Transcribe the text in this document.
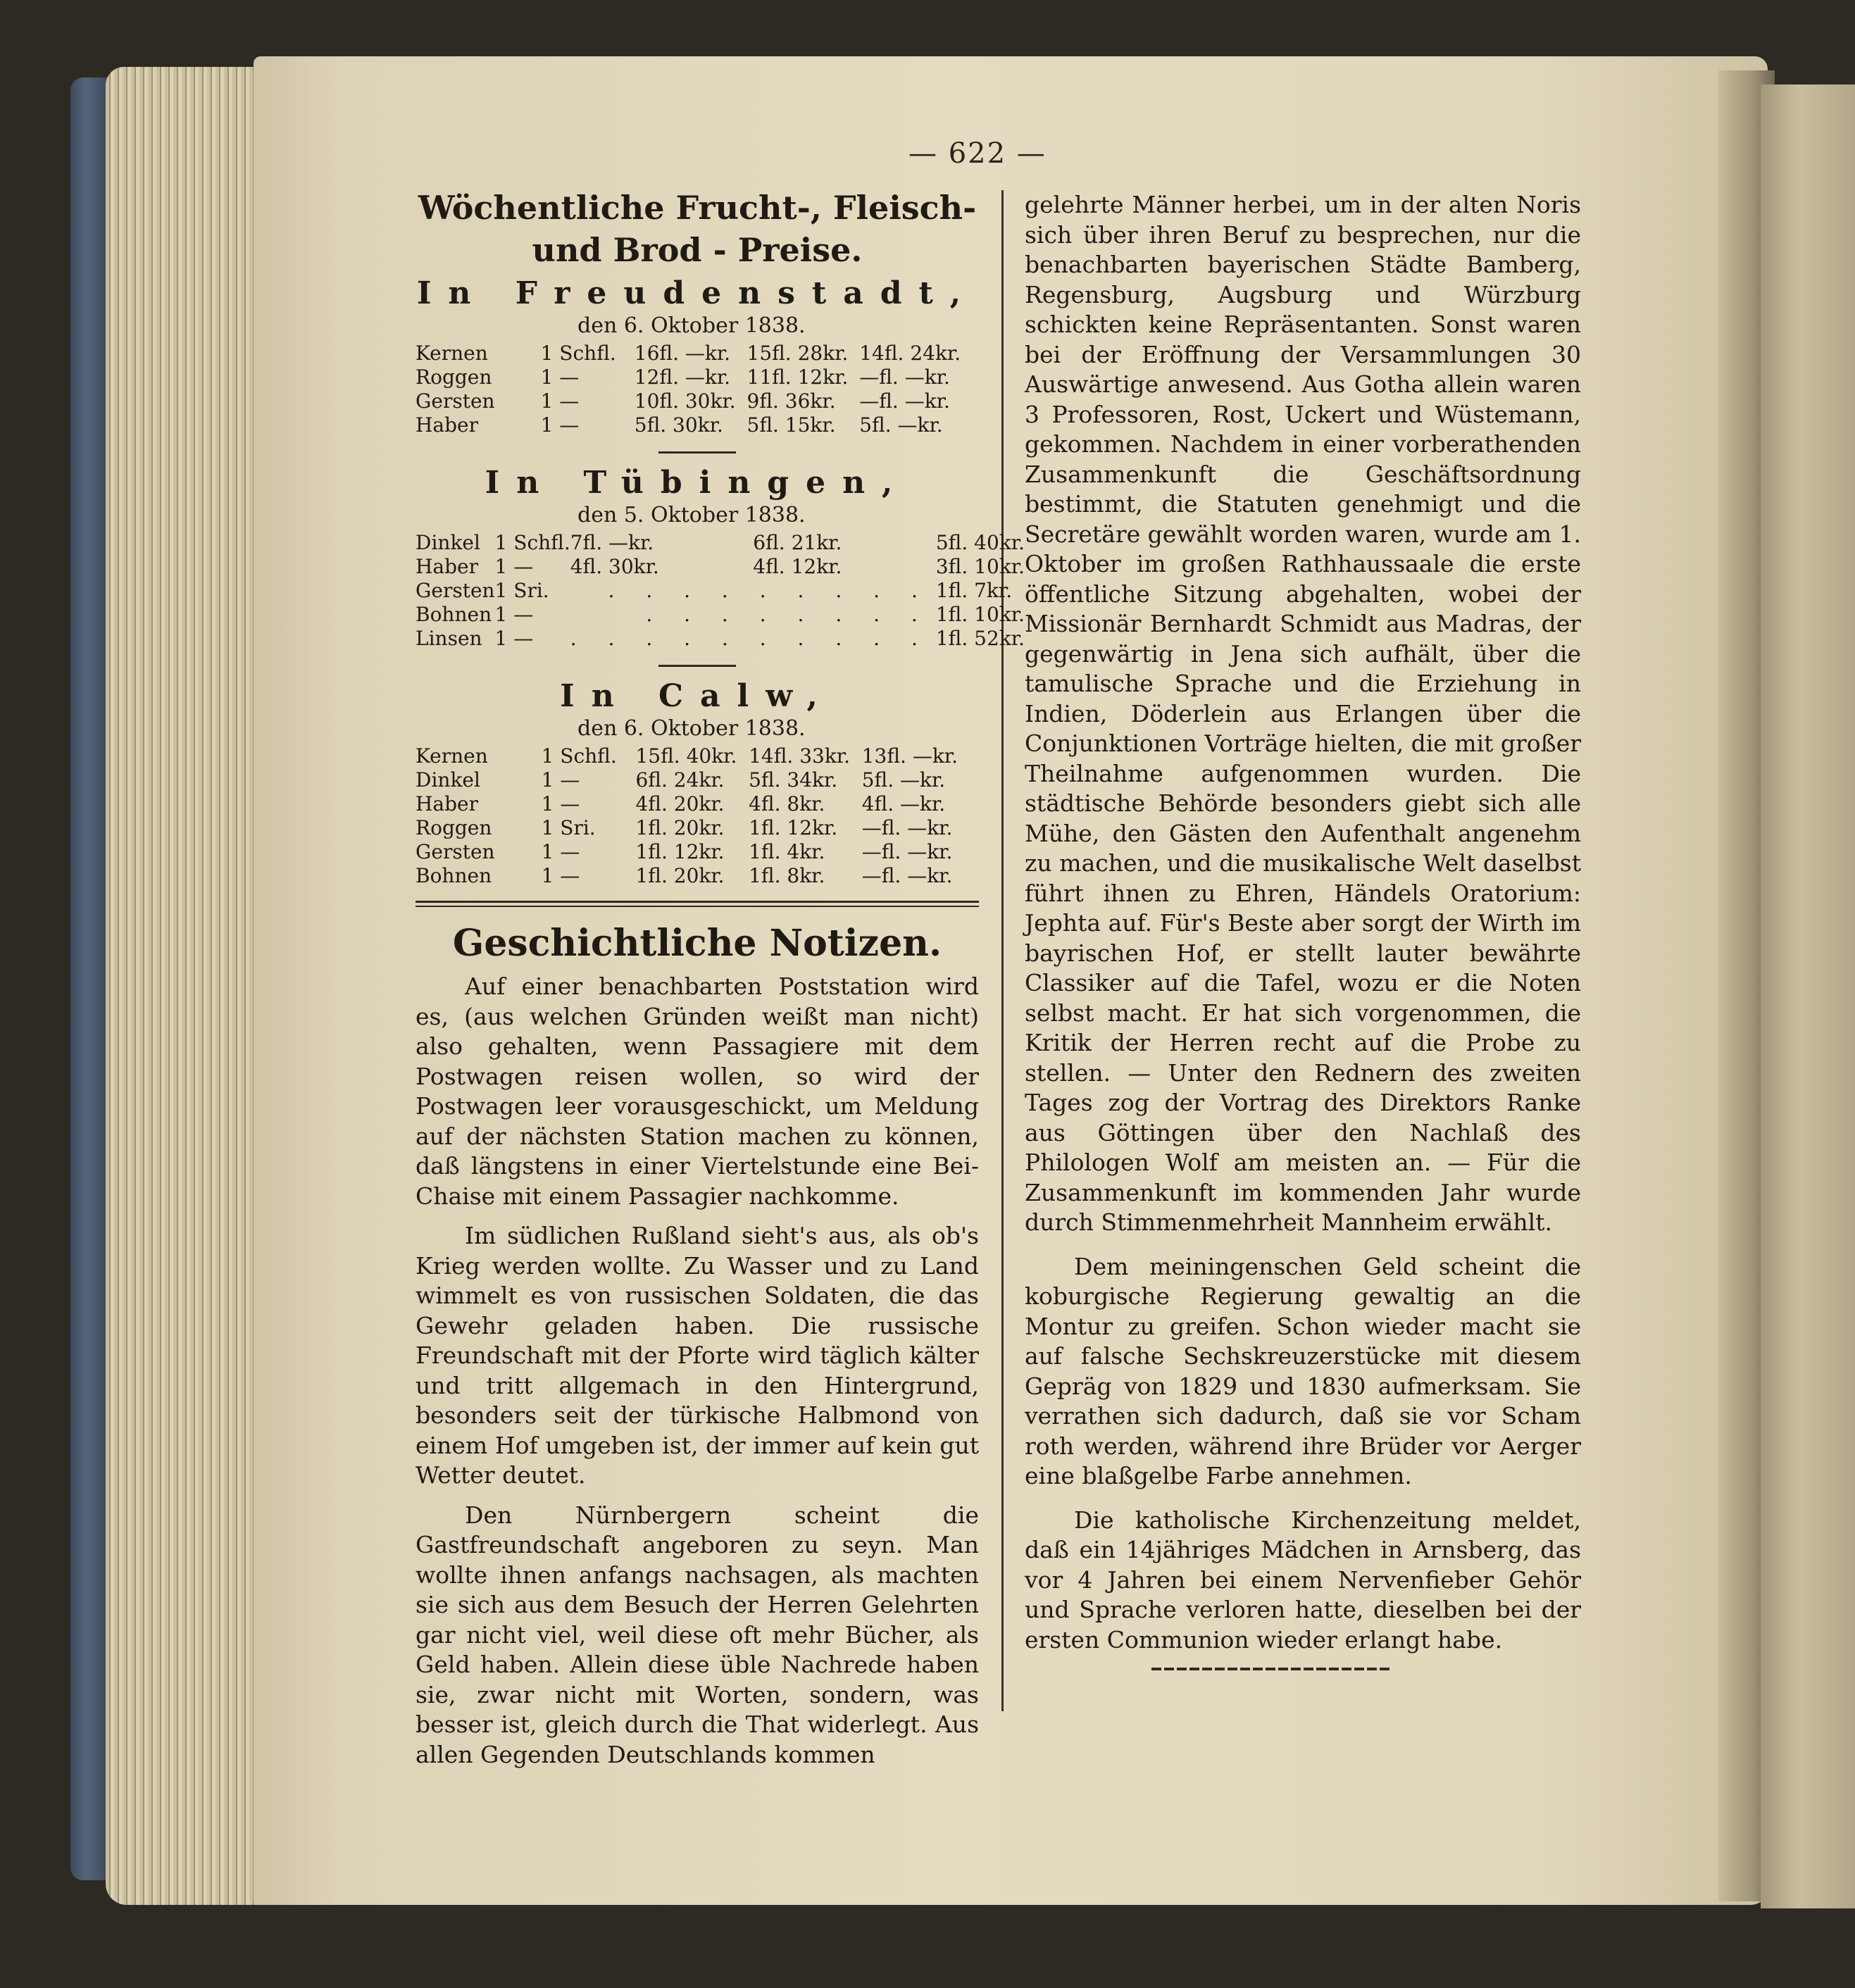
— 622 —
Wöchentliche Frucht-, Fleisch- und Brod - Preise.
In Freudenstadt,
den 6. Oktober 1838.
Kernen	1 Schfl.	16fl. —kr.	15fl. 28kr.	14fl. 24kr.
Roggen	1 —	12fl. —kr.	11fl. 12kr.	—fl. —kr.
Gersten	1 —	10fl. 30kr.	9fl. 36kr.	—fl. —kr.
Haber	1 —	5fl. 30kr.	5fl. 15kr.	5fl. —kr.
In Tübingen,
den 5. Oktober 1838.
Dinkel	1 Schfl.	7fl. —kr.	6fl. 21kr.	5fl. 40kr.
Haber	1 —	4fl. 30kr.	4fl. 12kr.	3fl. 10kr.
Gersten	1 Sri.	. . . . . . . . .		1fl. 7kr.
Bohnen	1 —	. . . . . . . .		1fl. 10kr.
Linsen	1 —	. . . . . . . . . .		1fl. 52kr.
In Calw,
den 6. Oktober 1838.
Kernen	1 Schfl.	15fl. 40kr.	14fl. 33kr.	13fl. —kr.
Dinkel	1 —	6fl. 24kr.	5fl. 34kr.	5fl. —kr.
Haber	1 —	4fl. 20kr.	4fl. 8kr.	4fl. —kr.
Roggen	1 Sri.	1fl. 20kr.	1fl. 12kr.	—fl. —kr.
Gersten	1 —	1fl. 12kr.	1fl. 4kr.	—fl. —kr.
Bohnen	1 —	1fl. 20kr.	1fl. 8kr.	—fl. —kr.
Geschichtliche Notizen.

Auf einer benachbarten Poststation wird es, (aus welchen Gründen weißt man nicht) also gehalten, wenn Passagiere mit dem Postwagen reisen wollen, so wird der Postwagen leer vorausgeschickt, um Meldung auf der nächsten Station machen zu können, daß längstens in einer Viertelstunde eine Bei-Chaise mit einem Passagier nachkomme.

Im südlichen Rußland sieht's aus, als ob's Krieg werden wollte. Zu Wasser und zu Land wimmelt es von russischen Soldaten, die das Gewehr geladen haben. Die russische Freundschaft mit der Pforte wird täglich kälter und tritt allgemach in den Hintergrund, besonders seit der türkische Halbmond von einem Hof umgeben ist, der immer auf kein gut Wetter deutet.

Den Nürnbergern scheint die Gastfreundschaft angeboren zu seyn. Man wollte ihnen anfangs nachsagen, als machten sie sich aus dem Besuch der Herren Gelehrten gar nicht viel, weil diese oft mehr Bücher, als Geld haben. Allein diese üble Nachrede haben sie, zwar nicht mit Worten, sondern, was besser ist, gleich durch die That widerlegt. Aus allen Gegenden Deutschlands kommen

gelehrte Männer herbei, um in der alten Noris sich über ihren Beruf zu besprechen, nur die benachbarten bayerischen Städte Bamberg, Regensburg, Augsburg und Würzburg schickten keine Repräsentanten. Sonst waren bei der Eröffnung der Versammlungen 30 Auswärtige anwesend. Aus Gotha allein waren 3 Professoren, Rost, Uckert und Wüstemann, gekommen. Nachdem in einer vorberathenden Zusammenkunft die Geschäftsordnung bestimmt, die Statuten genehmigt und die Secretäre gewählt worden waren, wurde am 1. Oktober im großen Rathhaussaale die erste öffentliche Sitzung abgehalten, wobei der Missionär Bernhardt Schmidt aus Madras, der gegenwärtig in Jena sich aufhält, über die tamulische Sprache und die Erziehung in Indien, Döderlein aus Erlangen über die Conjunktionen Vorträge hielten, die mit großer Theilnahme aufgenommen wurden. Die städtische Behörde besonders giebt sich alle Mühe, den Gästen den Aufenthalt angenehm zu machen, und die musikalische Welt daselbst führt ihnen zu Ehren, Händels Oratorium: Jephta auf. Für's Beste aber sorgt der Wirth im bayrischen Hof, er stellt lauter bewährte Classiker auf die Tafel, wozu er die Noten selbst macht. Er hat sich vorgenommen, die Kritik der Herren recht auf die Probe zu stellen. — Unter den Rednern des zweiten Tages zog der Vortrag des Direktors Ranke aus Göttingen über den Nachlaß des Philologen Wolf am meisten an. — Für die Zusammenkunft im kommenden Jahr wurde durch Stimmenmehrheit Mannheim erwählt.

Dem meiningenschen Geld scheint die koburgische Regierung gewaltig an die Montur zu greifen. Schon wieder macht sie auf falsche Sechskreuzerstücke mit diesem Gepräg von 1829 und 1830 aufmerksam. Sie verrathen sich dadurch, daß sie vor Scham roth werden, während ihre Brüder vor Aerger eine blaßgelbe Farbe annehmen.

Die katholische Kirchenzeitung meldet, daß ein 14jähriges Mädchen in Arnsberg, das vor 4 Jahren bei einem Nervenfieber Gehör und Sprache verloren hatte, dieselben bei der ersten Communion wieder erlangt habe.
